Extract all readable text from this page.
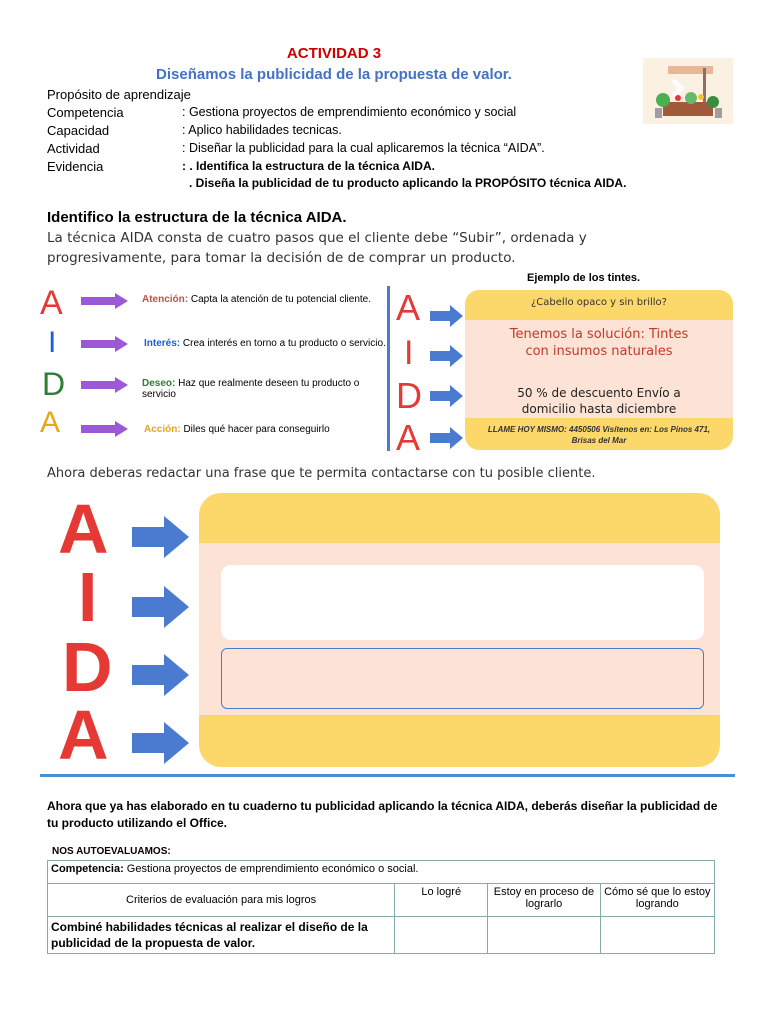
ACTIVIDAD 3
Diseñamos la publicidad de la propuesta de valor.
Propósito de aprendizaje
Competencia	: Gestiona proyectos de emprendimiento económico y social
Capacidad	: Aplico habilidades tecnicas.
Actividad	: Diseñar la publicidad para la cual aplicaremos la técnica “AIDA”.
Evidencia	: . Identifica la estructura de la técnica AIDA.
. Diseña la publicidad de tu producto aplicando la PROPÓSITO técnica AIDA.
Identifico la estructura de la técnica AIDA.
La técnica AIDA consta de cuatro pasos que el cliente debe “Subir”, ordenada y progresivamente, para tomar la decisión de de comprar un producto.
Ejemplo de los tintes.
A
I
D
A
Atención: Capta la atención de tu potencial cliente.
Interés: Crea interés en torno a tu producto o servicio.
Deseo: Haz que realmente deseen tu producto o servicio
Acción: Diles qué hacer para conseguirlo
A
I
D
A
¿Cabello opaco y sin brillo?
Tenemos la solución: Tintes con insumos naturales
50 % de descuento Envío a domicilio hasta diciembre
LLAME HOY MISMO: 4450506 Visítenos en: Los Pinos 471, Brisas del Mar
Ahora deberas redactar una frase que te permita contactarse con tu posible cliente.
A
I
D
A
Ahora que ya has elaborado en tu cuaderno tu publicidad aplicando la técnica AIDA, deberás diseñar la publicidad de tu producto utilizando el Office.
NOS AUTOEVALUAMOS:
Competencia: Gestiona proyectos de emprendimiento económico o social.			
Criterios de evaluación para mis logros	Lo logré	Estoy en proceso de lograrlo	Cómo sé que lo estoy logrando
Combiné habilidades técnicas al realizar el diseño de la publicidad de la propuesta de valor.			
